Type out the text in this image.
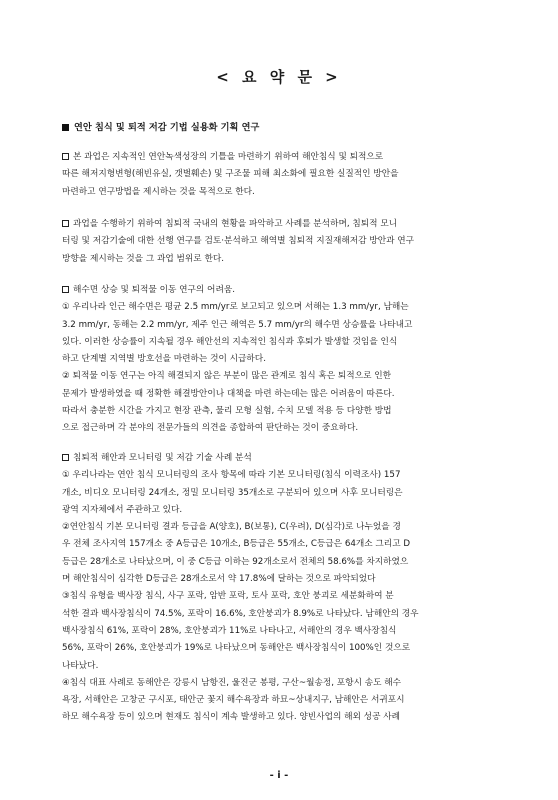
< 요 약 문 >
연안 침식 및 퇴적 저감 기법 실용화 기획 연구
본 과업은 지속적인 연안녹색성장의 기틀을 마련하기 위하여 해안침식 및 퇴적으로
따른 해저지형변형(해빈유실, 갯벌훼손) 및 구조물 피해 최소화에 필요한 실질적인 방안을
마련하고 연구방법을 제시하는 것을 목적으로 한다.
과업을 수행하기 위하여 침퇴적 국내의 현황을 파악하고 사례를 분석하며, 침퇴적 모니
터링 및 저감기술에 대한 선행 연구를 검토·분석하고 해역별 침퇴적 지질재해저감 방안과 연구
방향을 제시하는 것을 그 과업 범위로 한다.
해수면 상승 및 퇴적물 이동 연구의 어려움.
① 우리나라 인근 해수면은 평균 2.5 mm/yr로 보고되고 있으며 서해는 1.3 mm/yr, 남해는
3.2 mm/yr, 동해는 2.2 mm/yr, 제주 인근 해역은 5.7 mm/yr의 해수면 상승률을 나타내고
있다. 이러한 상승률이 지속될 경우 해안선의 지속적인 침식과 후퇴가 발생할 것임을 인식
하고 단계별 지역별 방호선을 마련하는 것이 시급하다.
② 퇴적물 이동 연구는 아직 해결되지 않은 부분이 많은 관계로 침식 혹은 퇴적으로 인한
문제가 발생하였을 때 정확한 해결방안이나 대책을 마련 하는데는 많은 어려움이 따른다.
따라서 충분한 시간을 가지고 현장 관측, 물리 모형 실험, 수치 모델 적용 등 다양한 방법
으로 접근하며 각 분야의 전문가들의 의견을 종합하여 판단하는 것이 중요하다.
침퇴적 해안과 모니터링 및 저감 기술 사례 분석
① 우리나라는 연안 침식 모니터링의 조사 항목에 따라 기본 모니터링(침식 이력조사) 157
개소, 비디오 모니터링 24개소, 정밀 모니터링 35개소로 구분되어 있으며 사후 모니터링은
광역 지자체에서 주관하고 있다.
②연안침식 기본 모니터링 결과 등급을 A(양호), B(보통), C(우려), D(심각)로 나누었을 경
우 전체 조사지역 157개소 중 A등급은 10개소, B등급은 55개소, C등급은 64개소 그리고 D
등급은 28개소로 나타났으며, 이 중 C등급 이하는 92개소로서 전체의 58.6%를 차지하였으
며 해안침식이 심각한 D등급은 28개소로서 약 17.8%에 달하는 것으로 파악되었다
③침식 유형을 백사장 침식, 사구 포락, 암반 포락, 토사 포락, 호안 붕괴로 세분화하여 분
석한 결과 백사장침식이 74.5%, 포락이 16.6%, 호안붕괴가 8.9%로 나타났다. 남해안의 경우
백사장침식 61%, 포락이 28%, 호안붕괴가 11%로 나타나고, 서해안의 경우 백사장침식
56%, 포락이 26%, 호안붕괴가 19%로 나타났으며 동해안은 백사장침식이 100%인 것으로
나타났다.
④침식 대표 사례로 동해안은 강릉시 남항진, 울진군 봉평, 구산~월송정, 포항시 송도 해수
욕장, 서해안은 고창군 구시포, 태안군 꽃지 해수욕장과 하묘~상내지구, 남해안은 서귀포시
하모 해수욕장 등이 있으며 현재도 침식이 계속 발생하고 있다. 양빈사업의 해외 성공 사례
- i -
